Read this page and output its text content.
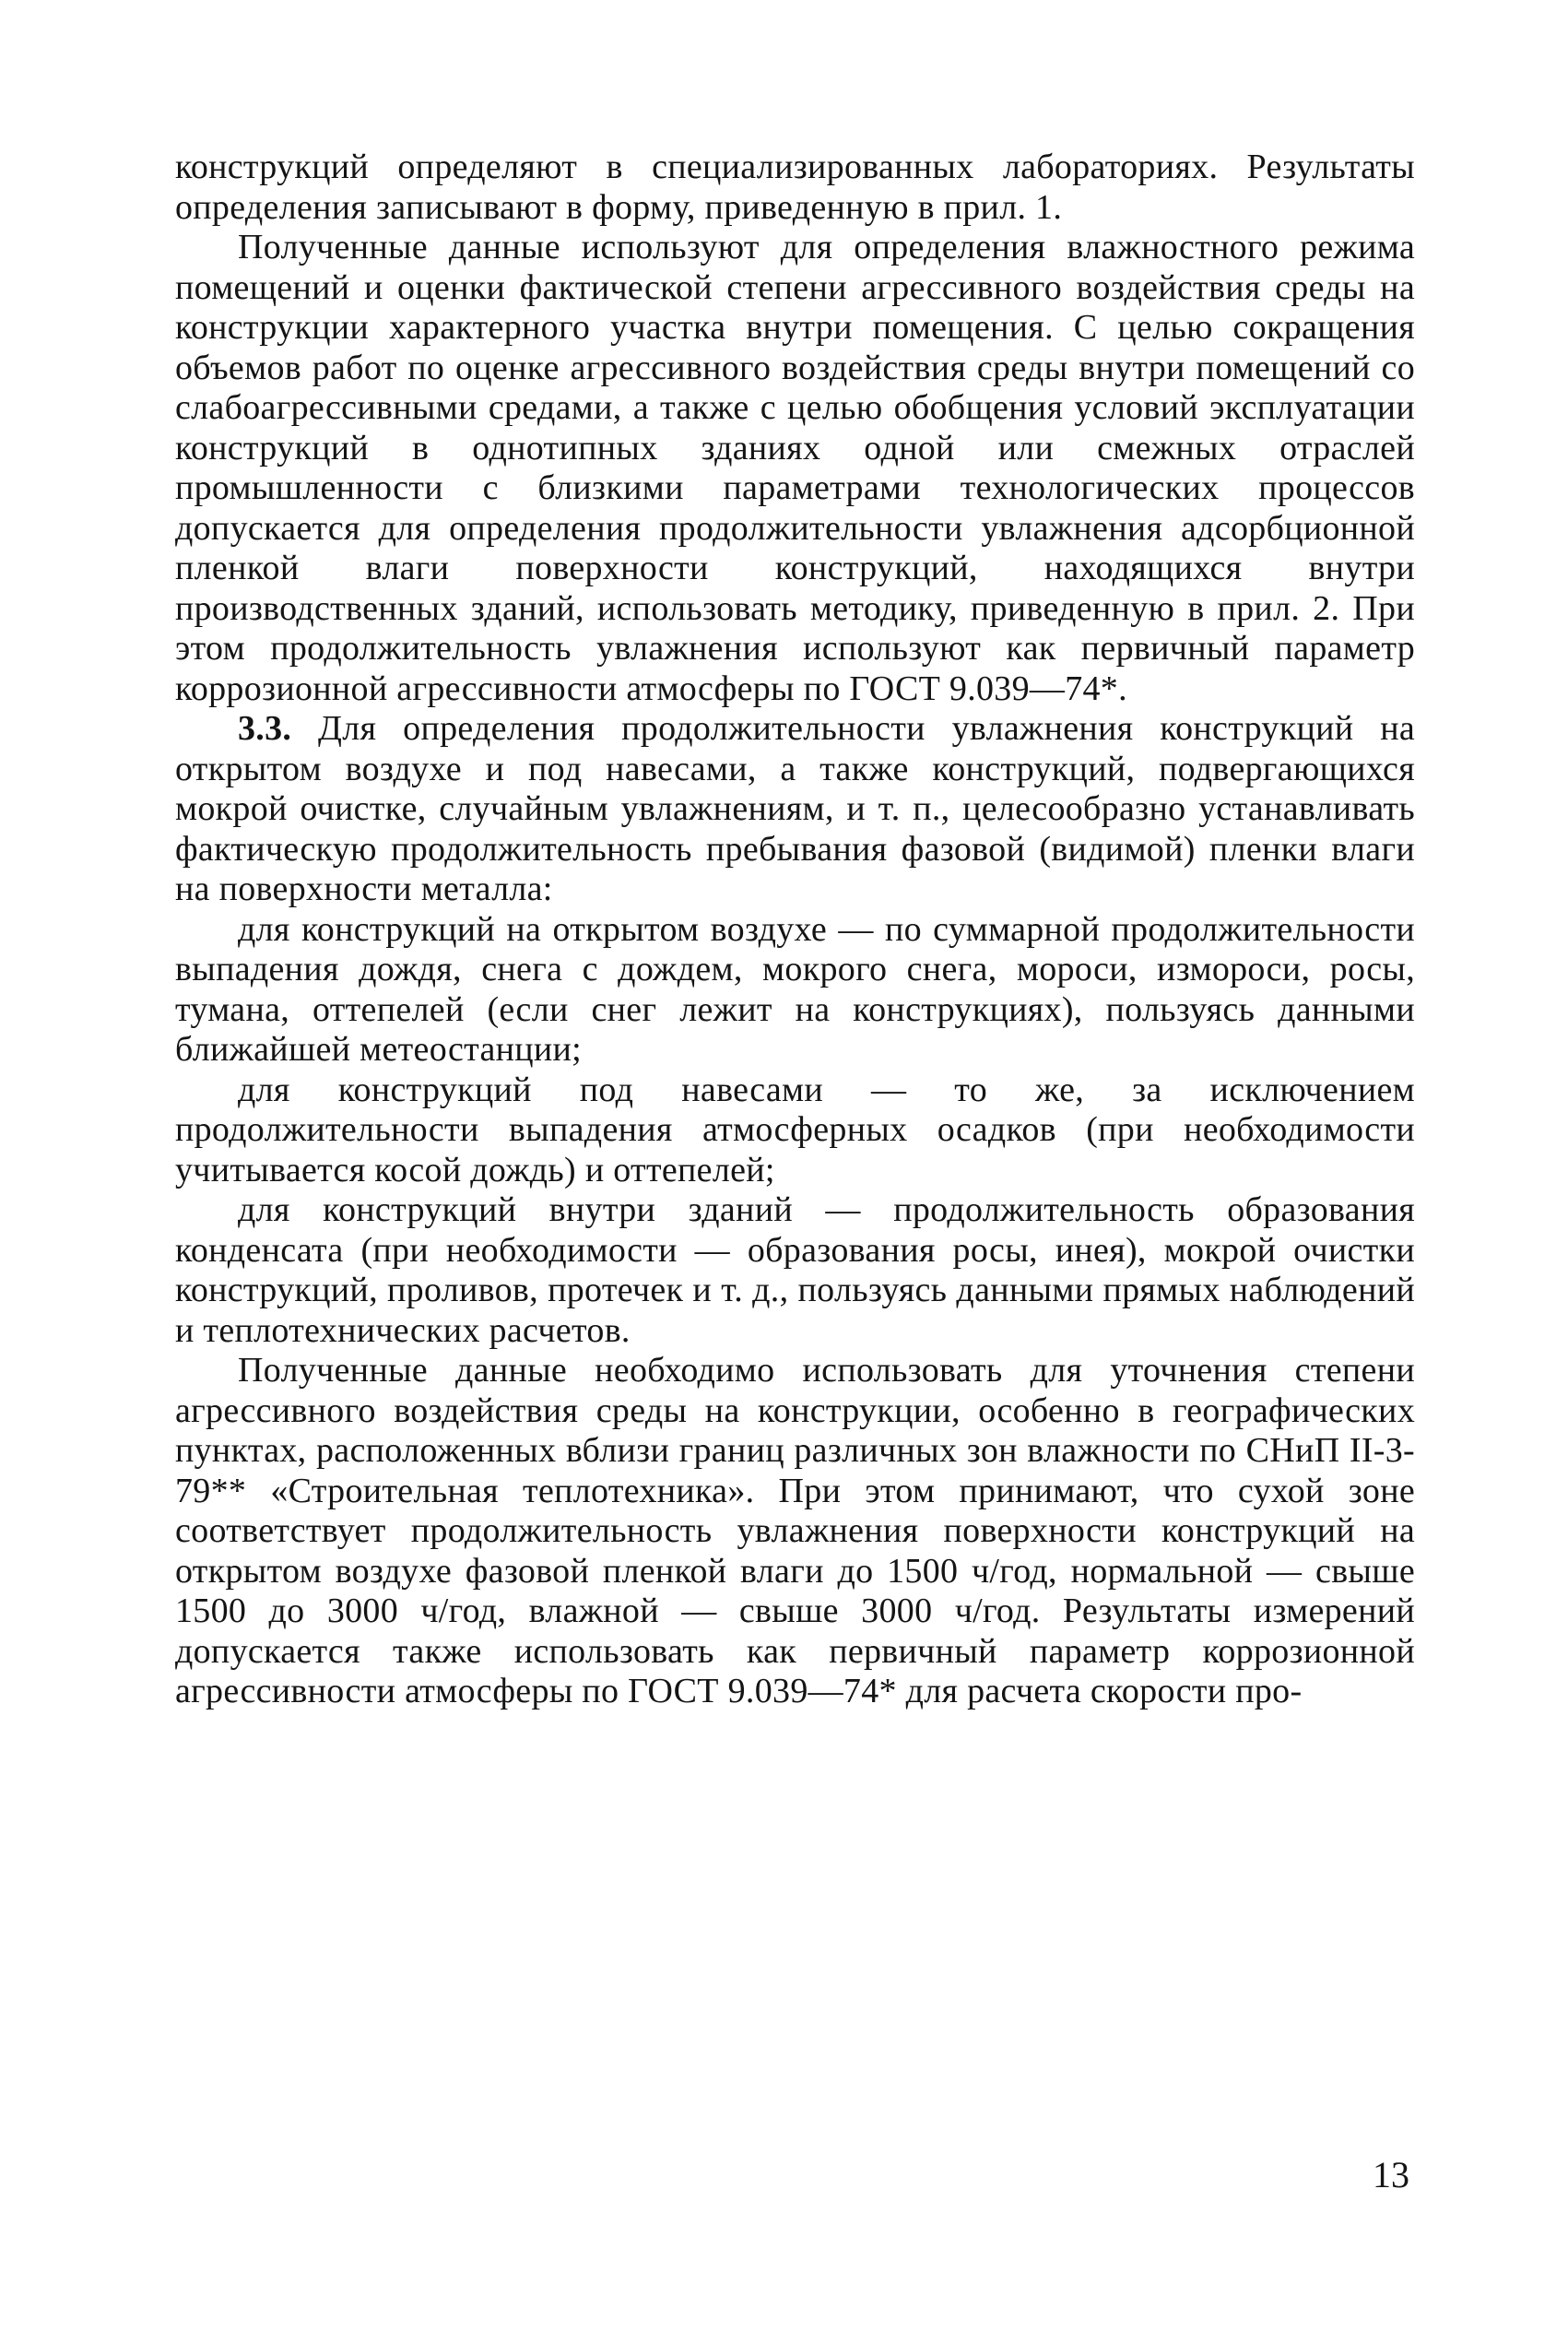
конструкций определяют в специализированных лабораториях. Результаты определения записывают в форму, приведенную в прил. 1.

Полученные данные используют для определения влажностного режима помещений и оценки фактической степени агрессивного воздействия среды на конструкции характерного участка внутри помещения. С целью сокращения объемов работ по оценке агрессивного воздействия среды внутри помещений со слабоагрессивными средами, а также с целью обобщения условий эксплуатации конструкций в однотипных зданиях одной или смежных отраслей промышленности с близкими параметрами технологических процессов допускается для определения продолжительности увлажнения адсорбционной пленкой влаги поверхности конструкций, находящихся внутри производственных зданий, использовать методику, приведенную в прил. 2. При этом продолжительность увлажнения используют как первичный параметр коррозионной агрессивности атмосферы по ГОСТ 9.039—74*.

3.3. Для определения продолжительности увлажнения конструкций на открытом воздухе и под навесами, а также конструкций, подвергающихся мокрой очистке, случайным увлажнениям, и т. п., целесообразно устанавливать фактическую продолжительность пребывания фазовой (видимой) пленки влаги на поверхности металла:

для конструкций на открытом воздухе — по суммарной продолжительности выпадения дождя, снега с дождем, мокрого снега, мороси, измороси, росы, тумана, оттепелей (если снег лежит на конструкциях), пользуясь данными ближайшей метеостанции;

для конструкций под навесами — то же, за исключением продолжительности выпадения атмосферных осадков (при необходимости учитывается косой дождь) и оттепелей;

для конструкций внутри зданий — продолжительность образования конденсата (при необходимости — образования росы, инея), мокрой очистки конструкций, проливов, протечек и т. д., пользуясь данными прямых наблюдений и теплотехнических расчетов.

Полученные данные необходимо использовать для уточнения степени агрессивного воздействия среды на конструкции, особенно в географических пунктах, расположенных вблизи границ различных зон влажности по СНиП II-3-79** «Строительная теплотехника». При этом принимают, что сухой зоне соответствует продолжительность увлажнения поверхности конструкций на открытом воздухе фазовой пленкой влаги до 1500 ч/год, нормальной — свыше 1500 до 3000 ч/год, влажной — свыше 3000 ч/год. Результаты измерений допускается также использовать как первичный параметр коррозионной агрессивности атмосферы по ГОСТ 9.039—74* для расчета скорости про-

13
